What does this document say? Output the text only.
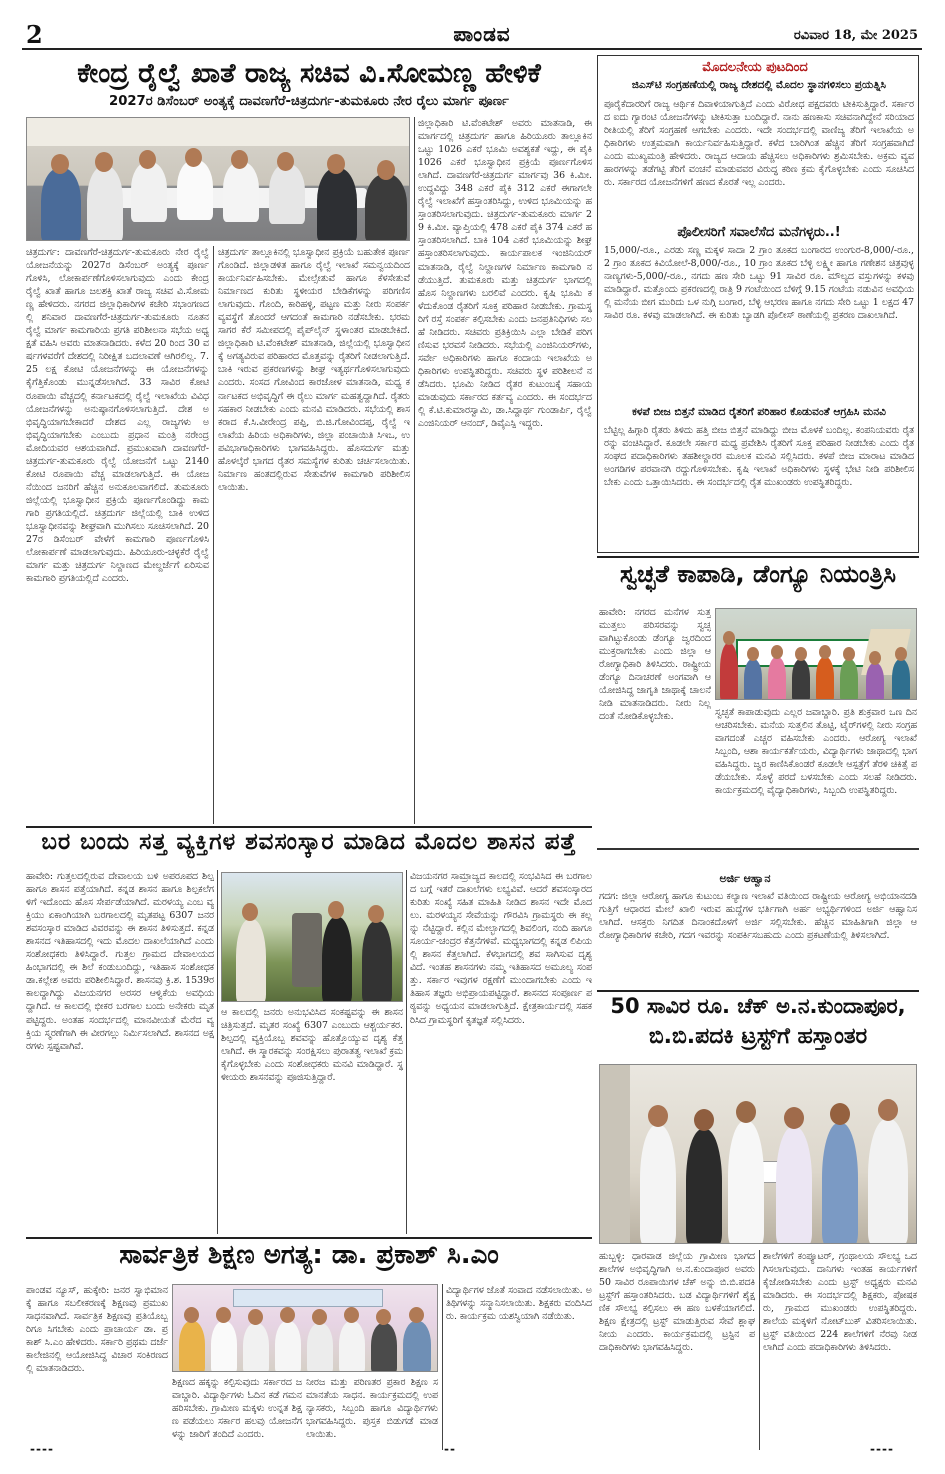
2	ಪಾಂಡವ	ರವಿವಾರ 18, ಮೇ 2025
ಕೇಂದ್ರ ರೈಲ್ವೆ ಖಾತೆ ರಾಜ್ಯ ಸಚಿವ ವಿ.ಸೋಮಣ್ಣ ಹೇಳಿಕೆ
2027ರ ಡಿಸೆಂಬರ್ ಅಂತ್ಯಕ್ಕೆ ದಾವಣಗೆರೆ-ಚಿತ್ರದುರ್ಗ-ತುಮಕೂರು ನೇರ ರೈಲು ಮಾರ್ಗ ಪೂರ್ಣ
ಚಿತ್ರದುರ್ಗ: ದಾವಣಗೆರೆ-ಚಿತ್ರದುರ್ಗ-ತುಮಕೂರು ನೇರ ರೈಲ್ವೆ ಯೋಜನೆಯನ್ನು 2027ರ ಡಿಸೆಂಬರ್ ಅಂತ್ಯಕ್ಕೆ ಪೂರ್ಣಗೊಳಿಸಿ, ಲೋಕಾರ್ಪಣೆಗೊಳಿಸಲಾಗುವುದು ಎಂದು ಕೇಂದ್ರ ರೈಲ್ವೆ ಖಾತೆ ಹಾಗೂ ಜಲಶಕ್ತಿ ಖಾತೆ ರಾಜ್ಯ ಸಚಿವ ವಿ.ಸೋಮಣ್ಣ ಹೇಳಿದರು. ನಗರದ ಜಿಲ್ಲಾಧಿಕಾರಿಗಳ ಕಚೇರಿ ಸಭಾಂಗಣದಲ್ಲಿ ಶನಿವಾರ ದಾವಣಗೆರೆ-ಚಿತ್ರದುರ್ಗ-ತುಮಕೂರು ನೂತನ ರೈಲ್ವೆ ಮಾರ್ಗ ಕಾಮಗಾರಿಯ ಪ್ರಗತಿ ಪರಿಶೀಲನಾ ಸಭೆಯ ಅಧ್ಯಕ್ಷತೆ ವಹಿಸಿ ಅವರು ಮಾತನಾಡಿದರು. ಕಳೆದ 20 ರಿಂದ 30 ವರ್ಷಗಳವರೆಗೆ ದೇಶದಲ್ಲಿ ನಿರೀಕ್ಷಿತ ಬದಲಾವಣೆ ಆಗಿರಲಿಲ್ಲ. 7.25 ಲಕ್ಷ ಕೋಟಿ ಯೋಜನೆಗಳನ್ನು ಈ ಯೋಜನೆಗಳನ್ನು ಕೈಗೆತ್ತಿಕೊಂಡು ಮುನ್ನಡೆಸಲಾಗಿದೆ. 33 ಸಾವಿರ ಕೋಟಿ ರೂಪಾಯಿ ವೆಚ್ಚದಲ್ಲಿ ಕರ್ನಾಟಕದಲ್ಲಿ ರೈಲ್ವೆ ಇಲಾಖೆಯ ವಿವಿಧ ಯೋಜನೆಗಳನ್ನು ಅನುಷ್ಠಾನಗೊಳಿಸಲಾಗುತ್ತಿದೆ. ದೇಶ ಅಭಿವೃದ್ಧಿಯಾಗಬೇಕಾದರೆ ದೇಶದ ಎಲ್ಲ ರಾಜ್ಯಗಳು ಅಭಿವೃದ್ಧಿಯಾಗಬೇಕು ಎಂಬುದು ಪ್ರಧಾನ ಮಂತ್ರಿ ನರೇಂದ್ರ ಮೋದಿಯವರ ಆಶಯವಾಗಿದೆ. ಪ್ರಮುಖವಾಗಿ ದಾವಣಗೆರೆ-ಚಿತ್ರದುರ್ಗ-ತುಮಕೂರು ರೈಲ್ವೆ ಯೋಜನೆಗೆ ಒಟ್ಟು 2140 ಕೋಟಿ ರೂಪಾಯಿ ವೆಚ್ಚ ಮಾಡಲಾಗುತ್ತಿದೆ. ಈ ಯೋಜನೆಯಿಂದ ಜನರಿಗೆ ಹೆಚ್ಚಿನ ಅನುಕೂಲವಾಗಲಿದೆ. ತುಮಕೂರು ಜಿಲ್ಲೆಯಲ್ಲಿ ಭೂಸ್ವಾಧೀನ ಪ್ರಕ್ರಿಯೆ ಪೂರ್ಣಗೊಂಡಿದ್ದು ಕಾಮಗಾರಿ ಪ್ರಗತಿಯಲ್ಲಿದೆ. ಚಿತ್ರದುರ್ಗ ಜಿಲ್ಲೆಯಲ್ಲಿ ಬಾಕಿ ಉಳಿದ ಭೂಸ್ವಾಧೀನವನ್ನು ಶೀಘ್ರವಾಗಿ ಮುಗಿಸಲು ಸೂಚಿಸಲಾಗಿದೆ. 2027ರ ಡಿಸೆಂಬರ್ ವೇಳೆಗೆ ಕಾಮಗಾರಿ ಪೂರ್ಣಗೊಳಿಸಿ ಲೋಕಾರ್ಪಣೆ ಮಾಡಲಾಗುವುದು. ಹಿರಿಯೂರು-ಚಳ್ಳಕೆರೆ ರೈಲ್ವೆ ಮಾರ್ಗ ಮತ್ತು ಚಿತ್ರದುರ್ಗ ನಿಲ್ದಾಣದ ಮೇಲ್ದರ್ಜೆಗೆ ಏರಿಸುವ ಕಾಮಗಾರಿ ಪ್ರಗತಿಯಲ್ಲಿದೆ ಎಂದರು.
ಚಿತ್ರದುರ್ಗ ತಾಲ್ಲೂಕಿನಲ್ಲಿ ಭೂಸ್ವಾಧೀನ ಪ್ರಕ್ರಿಯೆ ಬಹುತೇಕ ಪೂರ್ಣಗೊಂಡಿದೆ. ಜಿಲ್ಲಾಡಳಿತ ಹಾಗೂ ರೈಲ್ವೆ ಇಲಾಖೆ ಸಮನ್ವಯದಿಂದ ಕಾರ್ಯನಿರ್ವಹಿಸಬೇಕು. ಮೇಲ್ಸೇತುವೆ ಹಾಗೂ ಕೆಳಸೇತುವೆ ನಿರ್ಮಾಣದ ಕುರಿತು ಸ್ಥಳೀಯರ ಬೇಡಿಕೆಗಳನ್ನು ಪರಿಗಣಿಸಲಾಗುವುದು. ಗೊಂದಿ, ಕಾರಿಹಳ್ಳಿ, ಪಟ್ಟಣ ಮತ್ತು ನೀರು ಸಂಪರ್ಕ ವ್ಯವಸ್ಥೆಗೆ ತೊಂದರೆ ಆಗದಂತೆ ಕಾಮಗಾರಿ ನಡೆಸಬೇಕು. ಭರಮಸಾಗರ ಕೆರೆ ಸಮೀಪದಲ್ಲಿ ಪೈಪ್‌ಲೈನ್ ಸ್ಥಳಾಂತರ ಮಾಡಬೇಕಿದೆ. ಜಿಲ್ಲಾಧಿಕಾರಿ ಟಿ.ವೆಂಕಟೇಶ್ ಮಾತನಾಡಿ, ಜಿಲ್ಲೆಯಲ್ಲಿ ಭೂಸ್ವಾಧೀನಕ್ಕೆ ಅಗತ್ಯವಿರುವ ಪರಿಹಾರದ ಮೊತ್ತವನ್ನು ರೈತರಿಗೆ ನೀಡಲಾಗುತ್ತಿದೆ. ಬಾಕಿ ಇರುವ ಪ್ರಕರಣಗಳನ್ನು ಶೀಘ್ರ ಇತ್ಯರ್ಥಗೊಳಿಸಲಾಗುವುದು ಎಂದರು. ಸಂಸದ ಗೋವಿಂದ ಕಾರಜೋಳ ಮಾತನಾಡಿ, ಮಧ್ಯ ಕರ್ನಾಟಕದ ಅಭಿವೃದ್ಧಿಗೆ ಈ ರೈಲು ಮಾರ್ಗ ಮಹತ್ವದ್ದಾಗಿದೆ. ರೈತರು ಸಹಕಾರ ನೀಡಬೇಕು ಎಂದು ಮನವಿ ಮಾಡಿದರು. ಸಭೆಯಲ್ಲಿ ಶಾಸಕರಾದ ಕೆ.ಸಿ.ವೀರೇಂದ್ರ ಪಪ್ಪಿ, ಬಿ.ಜಿ.ಗೋವಿಂದಪ್ಪ, ರೈಲ್ವೆ ಇಲಾಖೆಯ ಹಿರಿಯ ಅಧಿಕಾರಿಗಳು, ಜಿಲ್ಲಾ ಪಂಚಾಯಿತಿ ಸಿಇಒ, ಉಪವಿಭಾಗಾಧಿಕಾರಿಗಳು ಭಾಗವಹಿಸಿದ್ದರು. ಹೊಸದುರ್ಗ ಮತ್ತು ಹೊಳಲ್ಕೆರೆ ಭಾಗದ ರೈತರ ಸಮಸ್ಯೆಗಳ ಕುರಿತು ಚರ್ಚಿಸಲಾಯಿತು. ನಿರ್ಮಾಣ ಹಂತದಲ್ಲಿರುವ ಸೇತುವೆಗಳ ಕಾಮಗಾರಿ ಪರಿಶೀಲಿಸಲಾಯಿತು.
ಜಿಲ್ಲಾಧಿಕಾರಿ ಟಿ.ವೆಂಕಟೇಶ್ ಅವರು ಮಾತನಾಡಿ, ಈ ಮಾರ್ಗದಲ್ಲಿ ಚಿತ್ರದುರ್ಗ ಹಾಗೂ ಹಿರಿಯೂರು ತಾಲ್ಲೂಕಿನ ಒಟ್ಟು 1026 ಎಕರೆ ಭೂಮಿ ಅವಶ್ಯಕತೆ ಇದ್ದು, ಈ ಪೈಕಿ 1026 ಎಕರೆ ಭೂಸ್ವಾಧೀನ ಪ್ರಕ್ರಿಯೆ ಪೂರ್ಣಗೊಳಿಸಲಾಗಿದೆ. ದಾವಣಗೆರೆ-ಚಿತ್ರದುರ್ಗ ಮಾರ್ಗವು 36 ಕಿ.ಮೀ. ಉದ್ದವಿದ್ದು 348 ಎಕರೆ ಪೈಕಿ 312 ಎಕರೆ ಈಗಾಗಲೇ ರೈಲ್ವೆ ಇಲಾಖೆಗೆ ಹಸ್ತಾಂತರಿಸಿದ್ದು, ಉಳಿದ ಭೂಮಿಯನ್ನು ಹಸ್ತಾಂತರಿಸಲಾಗುವುದು. ಚಿತ್ರದುರ್ಗ-ತುಮಕೂರು ಮಾರ್ಗ 29 ಕಿ.ಮೀ. ವ್ಯಾಪ್ತಿಯಲ್ಲಿ 478 ಎಕರೆ ಪೈಕಿ 374 ಎಕರೆ ಹಸ್ತಾಂತರಿಸಲಾಗಿದೆ. ಬಾಕಿ 104 ಎಕರೆ ಭೂಮಿಯನ್ನು ಶೀಘ್ರ ಹಸ್ತಾಂತರಿಸಲಾಗುವುದು. ಕಾರ್ಯಪಾಲಕ ಇಂಜಿನಿಯರ್ ಮಾತನಾಡಿ, ರೈಲ್ವೆ ನಿಲ್ದಾಣಗಳ ನಿರ್ಮಾಣ ಕಾಮಗಾರಿ ನಡೆಯುತ್ತಿದೆ. ತುಮಕೂರು ಮತ್ತು ಚಿತ್ರದುರ್ಗ ಭಾಗದಲ್ಲಿ ಹೊಸ ನಿಲ್ದಾಣಗಳು ಬರಲಿವೆ ಎಂದರು. ಕೃಷಿ ಭೂಮಿ ಕಳೆದುಕೊಂಡ ರೈತರಿಗೆ ಸೂಕ್ತ ಪರಿಹಾರ ನೀಡಬೇಕು. ಗ್ರಾಮಸ್ಥರಿಗೆ ರಸ್ತೆ ಸಂಪರ್ಕ ಕಲ್ಪಿಸಬೇಕು ಎಂದು ಜನಪ್ರತಿನಿಧಿಗಳು ಸಲಹೆ ನೀಡಿದರು. ಸಚಿವರು ಪ್ರತಿಕ್ರಿಯಿಸಿ ಎಲ್ಲಾ ಬೇಡಿಕೆ ಪರಿಗಣಿಸುವ ಭರವಸೆ ನೀಡಿದರು. ಸಭೆಯಲ್ಲಿ ಎಂಜಿನಿಯರ್‌ಗಳು, ಸರ್ವೇ ಅಧಿಕಾರಿಗಳು ಹಾಗೂ ಕಂದಾಯ ಇಲಾಖೆಯ ಅಧಿಕಾರಿಗಳು ಉಪಸ್ಥಿತರಿದ್ದರು. ಸಚಿವರು ಸ್ಥಳ ಪರಿಶೀಲನೆ ನಡೆಸಿದರು. ಭೂಮಿ ನೀಡಿದ ರೈತರ ಕುಟುಂಬಕ್ಕೆ ಸಹಾಯ ಮಾಡುವುದು ಸರ್ಕಾರದ ಕರ್ತವ್ಯ ಎಂದರು. ಈ ಸಂದರ್ಭದಲ್ಲಿ ಕೆ.ಟಿ.ಕುಮಾರಸ್ವಾಮಿ, ಡಾ.ಸಿದ್ದಾರ್ಥ ಗುಂಡಾರ್ಪಿ, ರೈಲ್ವೆ ಎಂಜಿನಿಯರ್ ಆನಂದ್, ಡಿವೈಎಸ್ಪಿ ಇದ್ದರು.
ಮೊದಲನೇಯ ಪುಟದಿಂದ
ಜಿಎಸ್‌ಟಿ ಸಂಗ್ರಹಣೆಯಲ್ಲಿ ರಾಜ್ಯ ದೇಶದಲ್ಲಿ ಮೊದಲ ಸ್ಥಾನಗಳಿಸಲು ಪ್ರಯತ್ನಿಸಿ
ಪೂರೈಕೆದಾರರಿಗೆ ರಾಜ್ಯ ಆರ್ಥಿಕ ದಿವಾಳಿಯಾಗುತ್ತಿದೆ ಎಂದು ವಿರೋಧ ಪಕ್ಷದವರು ಟೀಕಿಸುತ್ತಿದ್ದಾರೆ. ಸರ್ಕಾರದ ಐದು ಗ್ಯಾರಂಟಿ ಯೋಜನೆಗಳನ್ನು ಟೀಕಿಸುತ್ತಾ ಬಂದಿದ್ದಾರೆ. ನಾನು ಹಣಕಾಸು ಸಚಿವನಾಗಿದ್ದೇನೆ ಸರಿಯಾದ ರೀತಿಯಲ್ಲಿ ತೆರಿಗೆ ಸಂಗ್ರಹಣೆ ಆಗಬೇಕು ಎಂದರು. ಇದೇ ಸಂದರ್ಭದಲ್ಲಿ ವಾಣಿಜ್ಯ ತೆರಿಗೆ ಇಲಾಖೆಯ ಅಧಿಕಾರಿಗಳು ಉತ್ತಮವಾಗಿ ಕಾರ್ಯನಿರ್ವಹಿಸುತ್ತಿದ್ದಾರೆ. ಕಳೆದ ಬಾರಿಗಿಂತ ಹೆಚ್ಚಿನ ತೆರಿಗೆ ಸಂಗ್ರಹವಾಗಿದೆ ಎಂದು ಮುಖ್ಯಮಂತ್ರಿ ಹೇಳಿದರು. ರಾಜ್ಯದ ಆದಾಯ ಹೆಚ್ಚಿಸಲು ಅಧಿಕಾರಿಗಳು ಶ್ರಮಿಸಬೇಕು. ಅಕ್ರಮ ವ್ಯವಹಾರಗಳನ್ನು ತಡೆಗಟ್ಟಿ ತೆರಿಗೆ ವಂಚನೆ ಮಾಡುವವರ ವಿರುದ್ಧ ಕಠಿಣ ಕ್ರಮ ಕೈಗೊಳ್ಳಬೇಕು ಎಂದು ಸೂಚಿಸಿದರು. ಸರ್ಕಾರದ ಯೋಜನೆಗಳಿಗೆ ಹಣದ ಕೊರತೆ ಇಲ್ಲ ಎಂದರು.
ಪೊಲೀಸರಿಗೆ ಸವಾಲೆಸೆದ ಮನೆಗಳ್ಳರು..!
15,000/-ರೂ., ಎರಡು ಸಣ್ಣ ಮಕ್ಕಳ ಸಾದಾ 2 ಗ್ರಾಂ ತೂಕದ ಬಂಗಾರದ ಉಂಗುರ-8,000/-ರೂ., 2 ಗ್ರಾಂ ತೂಕದ ಕಿವಿಯೋಲೆ-8,000/-ರೂ., 10 ಗ್ರಾಂ ತೂಕದ ಬೆಳ್ಳಿ ಲಕ್ಷ್ಮೀ ಹಾಗೂ ಗಣೇಶನ ಚಿತ್ರವುಳ್ಳ ನಾಣ್ಯಗಳು-5,000/-ರೂ., ನಗದು ಹಣ ಸೇರಿ ಒಟ್ಟು 91 ಸಾವಿರ ರೂ. ಮೌಲ್ಯದ ವಸ್ತುಗಳನ್ನು ಕಳವು ಮಾಡಿದ್ದಾರೆ. ಮತ್ತೊಂದು ಪ್ರಕರಣದಲ್ಲಿ ರಾತ್ರಿ 9 ಗಂಟೆಯಿಂದ ಬೆಳಿಗ್ಗೆ 9.15 ಗಂಟೆಯ ನಡುವಿನ ಅವಧಿಯಲ್ಲಿ ಮನೆಯ ಬೀಗ ಮುರಿದು ಒಳ ನುಗ್ಗಿ ಬಂಗಾರ, ಬೆಳ್ಳಿ ಆಭರಣ ಹಾಗೂ ನಗದು ಸೇರಿ ಒಟ್ಟು 1 ಲಕ್ಷದ 47 ಸಾವಿರ ರೂ. ಕಳವು ಮಾಡಲಾಗಿದೆ. ಈ ಕುರಿತು ಬ್ಯಾಡಗಿ ಪೊಲೀಸ್ ಠಾಣೆಯಲ್ಲಿ ಪ್ರಕರಣ ದಾಖಲಾಗಿದೆ.
ಕಳಪೆ ಬೀಜ ಬಿತ್ತನೆ ಮಾಡಿದ ರೈತರಿಗೆ ಪರಿಹಾರ ಕೊಡುವಂತೆ ಆಗ್ರಹಿಸಿ ಮನವಿ
ಬೆಟ್ಟಿಲ್ಲ ಹಿಗ್ಗಾರಿ ರೈತರು ತಿಳಿದು ಹತ್ತಿ ಬೀಜ ಬಿತ್ತನೆ ಮಾಡಿದ್ದು ಬೀಜ ಮೊಳಕೆ ಬಂದಿಲ್ಲ. ಕಂಪನಿಯವರು ರೈತರನ್ನು ವಂಚಿಸಿದ್ದಾರೆ. ಕೂಡಲೇ ಸರ್ಕಾರ ಮಧ್ಯ ಪ್ರವೇಶಿಸಿ ರೈತರಿಗೆ ಸೂಕ್ತ ಪರಿಹಾರ ನೀಡಬೇಕು ಎಂದು ರೈತ ಸಂಘದ ಪದಾಧಿಕಾರಿಗಳು ತಹಶೀಲ್ದಾರರ ಮೂಲಕ ಮನವಿ ಸಲ್ಲಿಸಿದರು. ಕಳಪೆ ಬೀಜ ಮಾರಾಟ ಮಾಡಿದ ಅಂಗಡಿಗಳ ಪರವಾನಗಿ ರದ್ದುಗೊಳಿಸಬೇಕು. ಕೃಷಿ ಇಲಾಖೆ ಅಧಿಕಾರಿಗಳು ಸ್ಥಳಕ್ಕೆ ಭೇಟಿ ನೀಡಿ ಪರಿಶೀಲಿಸಬೇಕು ಎಂದು ಒತ್ತಾಯಿಸಿದರು. ಈ ಸಂದರ್ಭದಲ್ಲಿ ರೈತ ಮುಖಂಡರು ಉಪಸ್ಥಿತರಿದ್ದರು.
ಸ್ವಚ್ಛತೆ ಕಾಪಾಡಿ, ಡೆಂಗ್ಯೂ ನಿಯಂತ್ರಿಸಿ
ಹಾವೇರಿ: ನಗರದ ಮನೆಗಳ ಸುತ್ತಮುತ್ತಲು ಪರಿಸರವನ್ನು ಸ್ವಚ್ಛವಾಗಿಟ್ಟುಕೊಂಡು ಡೆಂಗ್ಯೂ ಜ್ವರದಿಂದ ಮುಕ್ತರಾಗಬೇಕು ಎಂದು ಜಿಲ್ಲಾ ಆರೋಗ್ಯಾಧಿಕಾರಿ ತಿಳಿಸಿದರು. ರಾಷ್ಟ್ರೀಯ ಡೆಂಗ್ಯೂ ದಿನಾಚರಣೆ ಅಂಗವಾಗಿ ಆಯೋಜಿಸಿದ್ದ ಜಾಗೃತಿ ಜಾಥಾಕ್ಕೆ ಚಾಲನೆ ನೀಡಿ ಮಾತನಾಡಿದರು. ನೀರು ನಿಲ್ಲದಂತೆ ನೋಡಿಕೊಳ್ಳಬೇಕು.	ಸ್ವಚ್ಛತೆ ಕಾಪಾಡುವುದು ಎಲ್ಲರ ಜವಾಬ್ದಾರಿ. ಪ್ರತಿ ಶುಕ್ರವಾರ ಒಣ ದಿನ ಆಚರಿಸಬೇಕು. ಮನೆಯ ಸುತ್ತಲಿನ ತೊಟ್ಟಿ, ಟೈರ್‌ಗಳಲ್ಲಿ ನೀರು ಸಂಗ್ರಹವಾಗದಂತೆ ಎಚ್ಚರ ವಹಿಸಬೇಕು ಎಂದರು. ಆರೋಗ್ಯ ಇಲಾಖೆ ಸಿಬ್ಬಂದಿ, ಆಶಾ ಕಾರ್ಯಕರ್ತೆಯರು, ವಿದ್ಯಾರ್ಥಿಗಳು ಜಾಥಾದಲ್ಲಿ ಭಾಗವಹಿಸಿದ್ದರು. ಜ್ವರ ಕಾಣಿಸಿಕೊಂಡರೆ ಕೂಡಲೇ ಆಸ್ಪತ್ರೆಗೆ ತೆರಳಿ ಚಿಕಿತ್ಸೆ ಪಡೆಯಬೇಕು. ಸೊಳ್ಳೆ ಪರದೆ ಬಳಸಬೇಕು ಎಂದು ಸಲಹೆ ನೀಡಿದರು. ಕಾರ್ಯಕ್ರಮದಲ್ಲಿ ವೈದ್ಯಾಧಿಕಾರಿಗಳು, ಸಿಬ್ಬಂದಿ ಉಪಸ್ಥಿತರಿದ್ದರು.
ಬರ ಬಂದು ಸತ್ತ ವ್ಯಕ್ತಿಗಳ ಶವಸಂಸ್ಕಾರ ಮಾಡಿದ ಮೊದಲ ಶಾಸನ ಪತ್ತೆ
ಹಾವೇರಿ: ಗುತ್ತಲದಲ್ಲಿರುವ ದೇವಾಲಯ ಬಳಿ ಅಪರೂಪದ ಶಿಲ್ಪ ಹಾಗೂ ಶಾಸನ ಪತ್ತೆಯಾಗಿದೆ. ಕನ್ನಡ ಶಾಸನ ಹಾಗೂ ಶಿಲ್ಪಕಲೆಗಳಿಗೆ ಇದೊಂದು ಹೊಸ ಸೇರ್ಪಡೆಯಾಗಿದೆ. ಮರಳಯ್ಯ ಎಂಬ ವ್ಯಕ್ತಿಯು ಏಕಾಂಗಿಯಾಗಿ ಬರಗಾಲದಲ್ಲಿ ಮೃತಪಟ್ಟ 6307 ಜನರ ಶವಸಂಸ್ಕಾರ ಮಾಡಿದ ವಿವರವನ್ನು ಈ ಶಾಸನ ತಿಳಿಸುತ್ತದೆ. ಕನ್ನಡ ಶಾಸನದ ಇತಿಹಾಸದಲ್ಲಿ ಇದು ಮೊದಲ ದಾಖಲೆಯಾಗಿದೆ ಎಂದು ಸಂಶೋಧಕರು ತಿಳಿಸಿದ್ದಾರೆ. ಗುತ್ತಲ ಗ್ರಾಮದ ದೇವಾಲಯದ ಹಿಂಭಾಗದಲ್ಲಿ ಈ ಶಿಲೆ ಕಂಡುಬಂದಿದ್ದು, ಇತಿಹಾಸ ಸಂಶೋಧಕ ಡಾ.ಕಲ್ಲೇಶ ಅವರು ಪರಿಶೀಲಿಸಿದ್ದಾರೆ. ಶಾಸನವು ಕ್ರಿ.ಶ. 1539ರ ಕಾಲದ್ದಾಗಿದ್ದು ವಿಜಯನಗರ ಅರಸರ ಆಳ್ವಿಕೆಯ ಅವಧಿಯದ್ದಾಗಿದೆ. ಆ ಕಾಲದಲ್ಲಿ ಭೀಕರ ಬರಗಾಲ ಬಂದು ಅನೇಕರು ಮೃತಪಟ್ಟಿದ್ದರು. ಅಂತಹ ಸಂದರ್ಭದಲ್ಲಿ ಮಾನವೀಯತೆ ಮೆರೆದ ವ್ಯಕ್ತಿಯ ಸ್ಮರಣೆಗಾಗಿ ಈ ವೀರಗಲ್ಲು ನಿರ್ಮಿಸಲಾಗಿದೆ. ಶಾಸನದ ಅಕ್ಷರಗಳು ಸ್ಪಷ್ಟವಾಗಿವೆ.
ಆ ಕಾಲದಲ್ಲಿ ಜನರು ಅನುಭವಿಸಿದ ಸಂಕಷ್ಟವನ್ನು ಈ ಶಾಸನ ಚಿತ್ರಿಸುತ್ತದೆ. ಮೃತರ ಸಂಖ್ಯೆ 6307 ಎಂಬುದು ಆಶ್ಚರ್ಯಕರ. ಶಿಲ್ಪದಲ್ಲಿ ವ್ಯಕ್ತಿಯೊಬ್ಬ ಶವವನ್ನು ಹೊತ್ತೊಯ್ಯುವ ದೃಶ್ಯ ಕೆತ್ತಲಾಗಿದೆ. ಈ ಸ್ಮಾರಕವನ್ನು ಸಂರಕ್ಷಿಸಲು ಪುರಾತತ್ವ ಇಲಾಖೆ ಕ್ರಮ ಕೈಗೊಳ್ಳಬೇಕು ಎಂದು ಸಂಶೋಧಕರು ಮನವಿ ಮಾಡಿದ್ದಾರೆ. ಸ್ಥಳೀಯರು ಶಾಸನವನ್ನು ಪೂಜಿಸುತ್ತಿದ್ದಾರೆ.
ವಿಜಯನಗರ ಸಾಮ್ರಾಜ್ಯದ ಕಾಲದಲ್ಲಿ ಸಂಭವಿಸಿದ ಈ ಬರಗಾಲದ ಬಗ್ಗೆ ಇತರೆ ದಾಖಲೆಗಳು ಲಭ್ಯವಿವೆ. ಆದರೆ ಶವಸಂಸ್ಕಾರದ ಕುರಿತು ಸಂಖ್ಯೆ ಸಹಿತ ಮಾಹಿತಿ ನೀಡಿದ ಶಾಸನ ಇದೇ ಮೊದಲು. ಮರಳಯ್ಯನ ಸೇವೆಯನ್ನು ಗೌರವಿಸಿ ಗ್ರಾಮಸ್ಥರು ಈ ಕಲ್ಲನ್ನು ನೆಟ್ಟಿದ್ದಾರೆ. ಕಲ್ಲಿನ ಮೇಲ್ಭಾಗದಲ್ಲಿ ಶಿವಲಿಂಗ, ನಂದಿ ಹಾಗೂ ಸೂರ್ಯ-ಚಂದ್ರರ ಕೆತ್ತನೆಗಳಿವೆ. ಮಧ್ಯಭಾಗದಲ್ಲಿ ಕನ್ನಡ ಲಿಪಿಯಲ್ಲಿ ಶಾಸನ ಕೆತ್ತಲಾಗಿದೆ. ಕೆಳಭಾಗದಲ್ಲಿ ಶವ ಸಾಗಿಸುವ ದೃಶ್ಯವಿದೆ. ಇಂತಹ ಶಾಸನಗಳು ನಮ್ಮ ಇತಿಹಾಸದ ಅಮೂಲ್ಯ ಸಂಪತ್ತು. ಸರ್ಕಾರ ಇವುಗಳ ರಕ್ಷಣೆಗೆ ಮುಂದಾಗಬೇಕು ಎಂದು ಇತಿಹಾಸ ತಜ್ಞರು ಅಭಿಪ್ರಾಯಪಟ್ಟಿದ್ದಾರೆ. ಶಾಸನದ ಸಂಪೂರ್ಣ ಪಠ್ಯವನ್ನು ಅಧ್ಯಯನ ಮಾಡಲಾಗುತ್ತಿದೆ. ಕ್ಷೇತ್ರಕಾರ್ಯದಲ್ಲಿ ಸಹಕರಿಸಿದ ಗ್ರಾಮಸ್ಥರಿಗೆ ಕೃತಜ್ಞತೆ ಸಲ್ಲಿಸಿದರು.
ಅರ್ಜಿ ಆಹ್ವಾನ
ಗದಗ: ಜಿಲ್ಲಾ ಆರೋಗ್ಯ ಹಾಗೂ ಕುಟುಂಬ ಕಲ್ಯಾಣ ಇಲಾಖೆ ವತಿಯಿಂದ ರಾಷ್ಟ್ರೀಯ ಆರೋಗ್ಯ ಅಭಿಯಾನದಡಿ ಗುತ್ತಿಗೆ ಆಧಾರದ ಮೇಲೆ ಖಾಲಿ ಇರುವ ಹುದ್ದೆಗಳ ಭರ್ತಿಗಾಗಿ ಅರ್ಹ ಅಭ್ಯರ್ಥಿಗಳಿಂದ ಅರ್ಜಿ ಆಹ್ವಾನಿಸಲಾಗಿದೆ. ಆಸಕ್ತರು ನಿಗದಿತ ದಿನಾಂಕದೊಳಗೆ ಅರ್ಜಿ ಸಲ್ಲಿಸಬೇಕು. ಹೆಚ್ಚಿನ ಮಾಹಿತಿಗಾಗಿ ಜಿಲ್ಲಾ ಆರೋಗ್ಯಾಧಿಕಾರಿಗಳ ಕಚೇರಿ, ಗದಗ ಇವರನ್ನು ಸಂಪರ್ಕಿಸಬಹುದು ಎಂದು ಪ್ರಕಟಣೆಯಲ್ಲಿ ತಿಳಿಸಲಾಗಿದೆ.
50 ಸಾವಿರ ರೂ. ಚೆಕ್ ಅ.ನ.ಕುಂದಾಪೂರ,
ಬಿ.ಬಿ.ಪದಕಿ ಟ್ರಸ್ಟ್‌ಗೆ ಹಸ್ತಾಂತರ
ಹುಬ್ಬಳ್ಳಿ: ಧಾರವಾಡ ಜಿಲ್ಲೆಯ ಗ್ರಾಮೀಣ ಭಾಗದ ಶಾಲೆಗಳ ಅಭಿವೃದ್ಧಿಗಾಗಿ ಅ.ನ.ಕುಂದಾಪೂರ ಅವರು 50 ಸಾವಿರ ರೂಪಾಯಿಗಳ ಚೆಕ್ ಅನ್ನು ಬಿ.ಬಿ.ಪದಕಿ ಟ್ರಸ್ಟ್‌ಗೆ ಹಸ್ತಾಂತರಿಸಿದರು. ಬಡ ವಿದ್ಯಾರ್ಥಿಗಳಿಗೆ ಶೈಕ್ಷಣಿಕ ಸೌಲಭ್ಯ ಕಲ್ಪಿಸಲು ಈ ಹಣ ಬಳಕೆಯಾಗಲಿದೆ. ಶಿಕ್ಷಣ ಕ್ಷೇತ್ರದಲ್ಲಿ ಟ್ರಸ್ಟ್ ಮಾಡುತ್ತಿರುವ ಸೇವೆ ಶ್ಲಾಘನೀಯ ಎಂದರು. ಕಾರ್ಯಕ್ರಮದಲ್ಲಿ ಟ್ರಸ್ಟಿನ ಪದಾಧಿಕಾರಿಗಳು ಭಾಗವಹಿಸಿದ್ದರು.
ಶಾಲೆಗಳಿಗೆ ಕಂಪ್ಯೂಟರ್, ಗ್ರಂಥಾಲಯ ಸೌಲಭ್ಯ ಒದಗಿಸಲಾಗುವುದು. ದಾನಿಗಳು ಇಂತಹ ಕಾರ್ಯಗಳಿಗೆ ಕೈಜೋಡಿಸಬೇಕು ಎಂದು ಟ್ರಸ್ಟ್ ಅಧ್ಯಕ್ಷರು ಮನವಿ ಮಾಡಿದರು. ಈ ಸಂದರ್ಭದಲ್ಲಿ ಶಿಕ್ಷಕರು, ಪೋಷಕರು, ಗ್ರಾಮದ ಮುಖಂಡರು ಉಪಸ್ಥಿತರಿದ್ದರು. ಶಾಲೆಯ ಮಕ್ಕಳಿಗೆ ನೋಟ್‌ಬುಕ್ ವಿತರಿಸಲಾಯಿತು. ಟ್ರಸ್ಟ್ ವತಿಯಿಂದ 224 ಶಾಲೆಗಳಿಗೆ ನೆರವು ನೀಡಲಾಗಿದೆ ಎಂದು ಪದಾಧಿಕಾರಿಗಳು ತಿಳಿಸಿದರು.
ಸಾರ್ವತ್ರಿಕ ಶಿಕ್ಷಣ ಅಗತ್ಯ: ಡಾ. ಪ್ರಕಾಶ್ ಸಿ.ಎಂ
ಪಾಂಡವ ನ್ಯೂಸ್, ಹುಕ್ಕೇರಿ: ಜನರ ಸ್ವಾಭಿಮಾನಕ್ಕೆ ಹಾಗೂ ಸಬಲೀಕರಣಕ್ಕೆ ಶಿಕ್ಷಣವು ಪ್ರಮುಖ ಸಾಧನವಾಗಿದೆ. ಸಾರ್ವತ್ರಿಕ ಶಿಕ್ಷಣವು ಪ್ರತಿಯೊಬ್ಬರಿಗೂ ಸಿಗಬೇಕು ಎಂದು ಪ್ರಾಚಾರ್ಯ ಡಾ. ಪ್ರಕಾಶ್ ಸಿ.ಎಂ ಹೇಳಿದರು. ಸರ್ಕಾರಿ ಪ್ರಥಮ ದರ್ಜೆ ಕಾಲೇಜಿನಲ್ಲಿ ಆಯೋಜಿಸಿದ್ದ ವಿಚಾರ ಸಂಕಿರಣದಲ್ಲಿ ಮಾತನಾಡಿದರು.
ಶಿಕ್ಷಣದ ಹಕ್ಕನ್ನು ಕಲ್ಪಿಸುವುದು ಸರ್ಕಾರದ ಜವಾಬ್ದಾರಿ. ವಿದ್ಯಾರ್ಥಿಗಳು ಓದಿನ ಕಡೆ ಗಮನ ಹರಿಸಬೇಕು. ಗ್ರಾಮೀಣ ಮಕ್ಕಳು ಉನ್ನತ ಶಿಕ್ಷಣ ಪಡೆಯಲು ಸರ್ಕಾರ ಹಲವು ಯೋಜನೆಗಳನ್ನು ಜಾರಿಗೆ ತಂದಿದೆ ಎಂದರು.
ನೀರಜ ಮತ್ತು ಪರಿಣತರ ಪ್ರಕಾರ ಶಿಕ್ಷಣ ಸಮಾನತೆಯ ಸಾಧನ. ಕಾರ್ಯಕ್ರಮದಲ್ಲಿ ಉಪನ್ಯಾಸಕರು, ಸಿಬ್ಬಂದಿ ಹಾಗೂ ವಿದ್ಯಾರ್ಥಿಗಳು ಭಾಗವಹಿಸಿದ್ದರು. ಪುಸ್ತಕ ಬಿಡುಗಡೆ ಮಾಡಲಾಯಿತು.
ವಿದ್ಯಾರ್ಥಿಗಳ ಜೊತೆ ಸಂವಾದ ನಡೆಸಲಾಯಿತು. ಅತಿಥಿಗಳನ್ನು ಸನ್ಮಾನಿಸಲಾಯಿತು. ಶಿಕ್ಷಕರು ವಂದಿಸಿದರು. ಕಾರ್ಯಕ್ರಮ ಯಶಸ್ವಿಯಾಗಿ ನಡೆಯಿತು.
----	-⁣-	----
